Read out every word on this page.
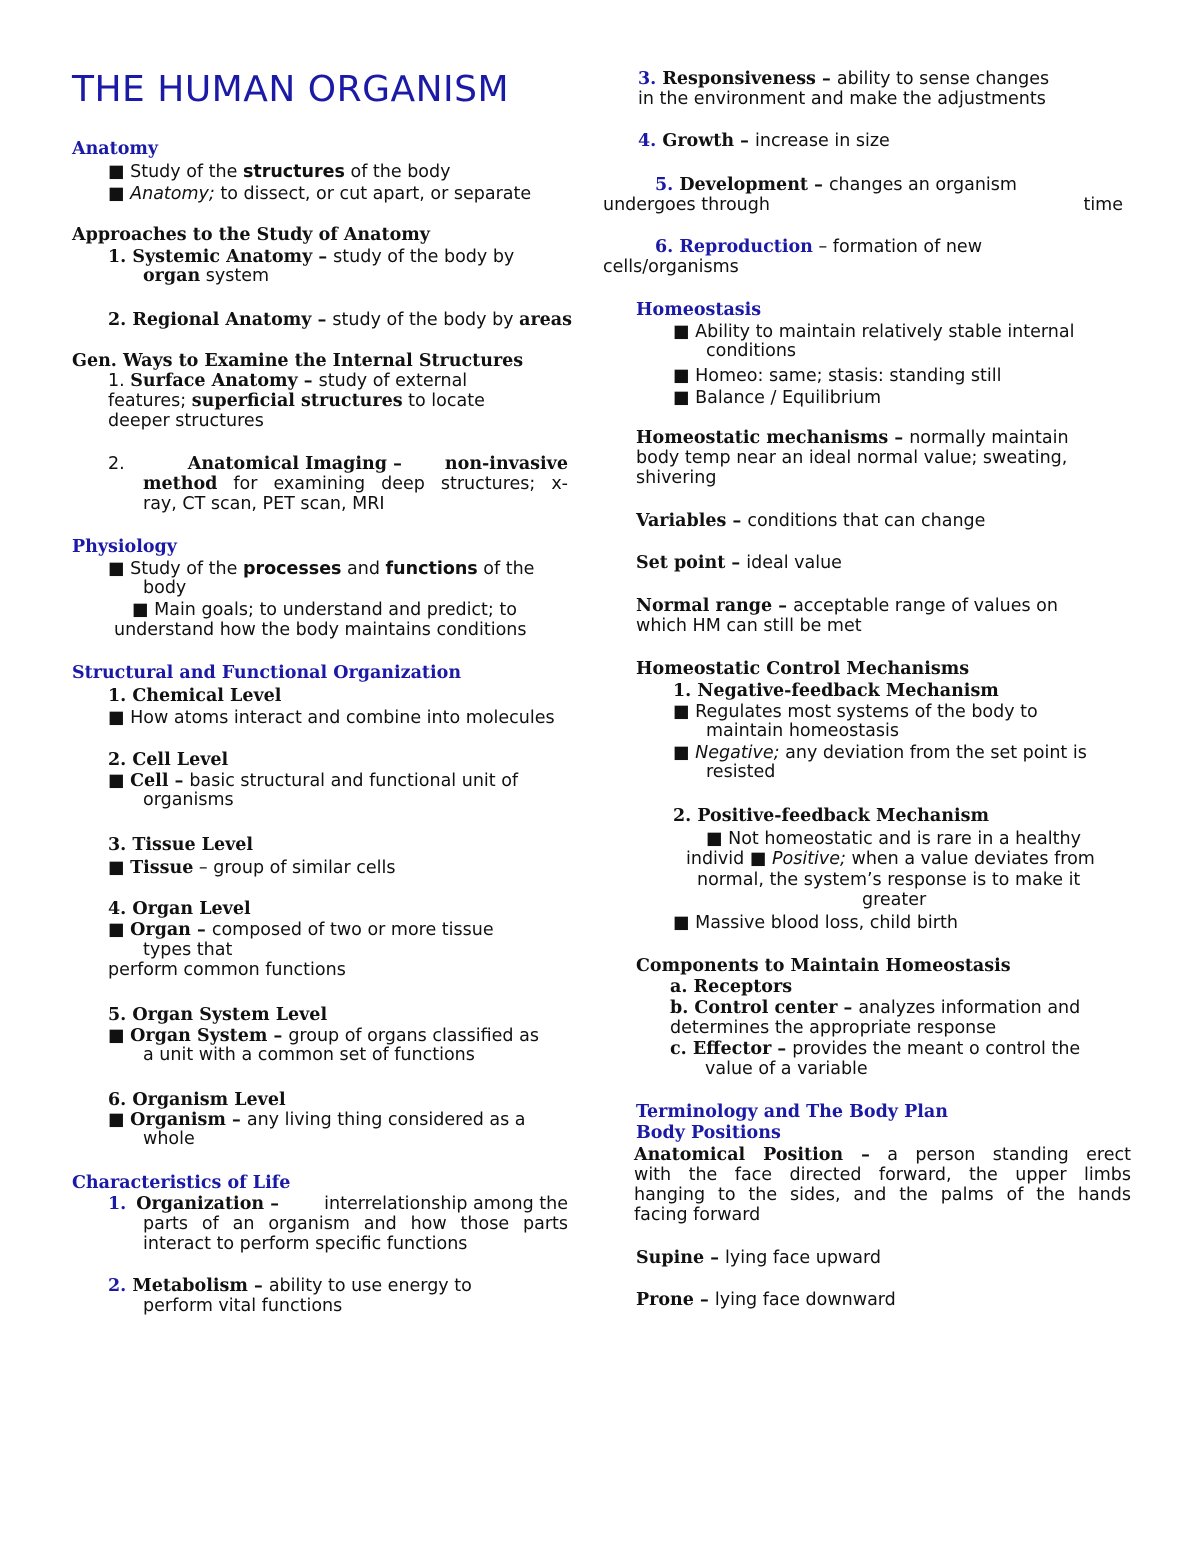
THE HUMAN ORGANISM
Anatomy
■ Study of the structures of the body
■ Anatomy; to dissect, or cut apart, or separate
Approaches to the Study of Anatomy
1. Systemic Anatomy – study of the body by
organ system
2. Regional Anatomy – study of the body by areas
Gen. Ways to Examine the Internal Structures
1. Surface Anatomy – study of external
features; superficial structures to locate
deeper structures
2.	Anatomical Imaging – non-invasive
method for examining deep structures; x-
ray, CT scan, PET scan, MRI
Physiology
■ Study of the processes and functions of the
body
■ Main goals; to understand and predict; to
understand how the body maintains conditions
Structural and Functional Organization
1. Chemical Level
■ How atoms interact and combine into molecules
2. Cell Level
■ Cell – basic structural and functional unit of
organisms
3. Tissue Level
■ Tissue – group of similar cells
4. Organ Level
■ Organ – composed of two or more tissue
types that
perform common functions
5. Organ System Level
■ Organ System – group of organs classified as
a unit with a common set of functions
6. Organism Level
■ Organism – any living thing considered as a
whole
Characteristics of Life
1. Organization –	interrelationship among the
parts of an organism and how those parts
interact to perform specific functions
2. Metabolism – ability to use energy to
perform vital functions
3. Responsiveness – ability to sense changes
in the environment and make the adjustments
4. Growth – increase in size
5. Development – changes an organism
undergoes through	time
6. Reproduction – formation of new
cells/organisms
Homeostasis
■ Ability to maintain relatively stable internal
conditions
■ Homeo: same; stasis: standing still
■ Balance / Equilibrium
Homeostatic mechanisms – normally maintain
body temp near an ideal normal value; sweating,
shivering
Variables – conditions that can change
Set point – ideal value
Normal range – acceptable range of values on
which HM can still be met
Homeostatic Control Mechanisms
1. Negative-feedback Mechanism
■ Regulates most systems of the body to
maintain homeostasis
■ Negative; any deviation from the set point is
resisted
2. Positive-feedback Mechanism
■ Not homeostatic and is rare in a healthy
individ ■ Positive; when a value deviates from
normal, the system’s response is to make it
greater
■ Massive blood loss, child birth
Components to Maintain Homeostasis
a. Receptors
b. Control center – analyzes information and
determines the appropriate response
c. Effector – provides the meant o control the
value of a variable
Terminology and The Body Plan
Body Positions
Anatomical Position – a person standing erect
with the face directed forward, the upper limbs
hanging to the sides, and the palms of the hands
facing forward
Supine – lying face upward
Prone – lying face downward
